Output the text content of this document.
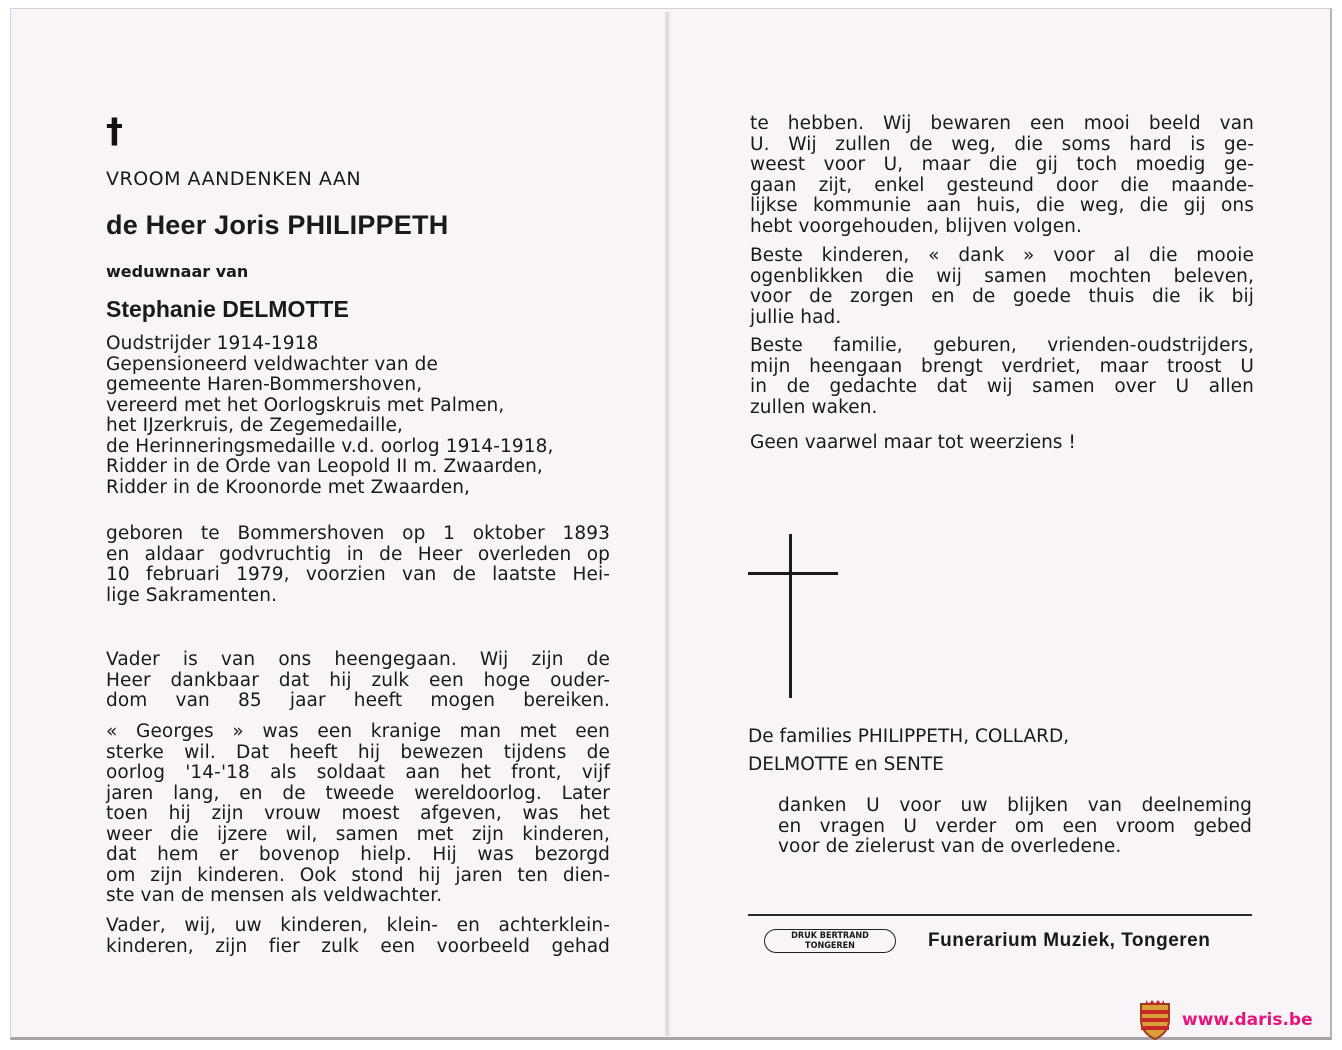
†
VROOM AANDENKEN AAN
de Heer Joris PHILIPPETH
weduwnaar van
Stephanie DELMOTTE
Oudstrijder 1914-1918
Gepensioneerd veldwachter van de
gemeente Haren-Bommershoven,
vereerd met het Oorlogskruis met Palmen,
het IJzerkruis, de Zegemedaille,
de Herinneringsmedaille v.d. oorlog 1914-1918,
Ridder in de Orde van Leopold II m. Zwaarden,
Ridder in de Kroonorde met Zwaarden,
geboren te Bommershoven op 1 oktober 1893
en aldaar godvruchtig in de Heer overleden op
10 februari 1979, voorzien van de laatste Hei-
lige Sakramenten.
Vader is van ons heengegaan. Wij zijn de
Heer dankbaar dat hij zulk een hoge ouder-
dom van 85 jaar heeft mogen bereiken.
« Georges » was een kranige man met een
sterke wil. Dat heeft hij bewezen tijdens de
oorlog '14-'18 als soldaat aan het front, vijf
jaren lang, en de tweede wereldoorlog. Later
toen hij zijn vrouw moest afgeven, was het
weer die ijzere wil, samen met zijn kinderen,
dat hem er bovenop hielp. Hij was bezorgd
om zijn kinderen. Ook stond hij jaren ten dien-
ste van de mensen als veldwachter.
Vader, wij, uw kinderen, klein- en achterklein-
kinderen, zijn fier zulk een voorbeeld gehad
te hebben. Wij bewaren een mooi beeld van
U. Wij zullen de weg, die soms hard is ge-
weest voor U, maar die gij toch moedig ge-
gaan zijt, enkel gesteund door die maande-
lijkse kommunie aan huis, die weg, die gij ons
hebt voorgehouden, blijven volgen.
Beste kinderen, « dank » voor al die mooie
ogenblikken die wij samen mochten beleven,
voor de zorgen en de goede thuis die ik bij
jullie had.
Beste familie, geburen, vrienden-oudstrijders,
mijn heengaan brengt verdriet, maar troost U
in de gedachte dat wij samen over U allen
zullen waken.
Geen vaarwel maar tot weerziens !
De families PHILIPPETH, COLLARD,
DELMOTTE en SENTE
danken U voor uw blijken van deelneming
en vragen U verder om een vroom gebed
voor de zielerust van de overledene.
DRUK BERTRAND
TONGEREN	Funerarium Muziek, Tongeren
www.daris.be
